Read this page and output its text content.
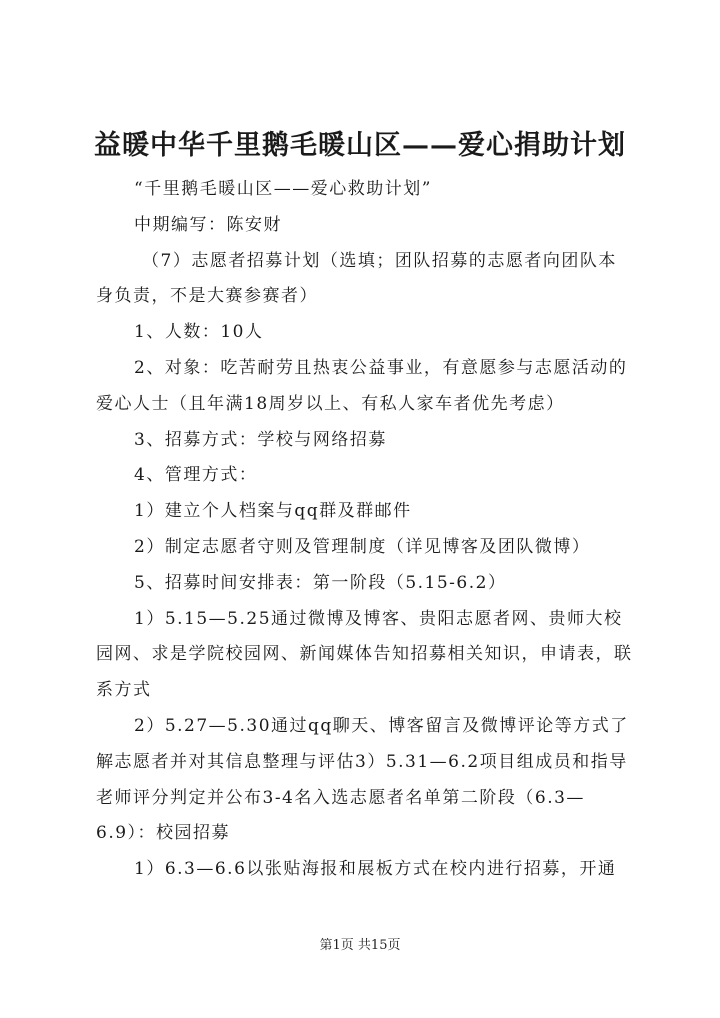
益暖中华千里鹅毛暖山区——爱心捐助计划

“千里鹅毛暖山区——爱心救助计划”

中期编写：陈安财

（7）志愿者招募计划（选填；团队招募的志愿者向团队本身负责，不是大赛参赛者）

1、人数：10人

2、对象：吃苦耐劳且热衷公益事业，有意愿参与志愿活动的爱心人士（且年满18周岁以上、有私人家车者优先考虑）

3、招募方式：学校与网络招募

4、管理方式：

1）建立个人档案与qq群及群邮件

2）制定志愿者守则及管理制度（详见博客及团队微博）

5、招募时间安排表：第一阶段（5.15-6.2）

1）5.15—5.25通过微博及博客、贵阳志愿者网、贵师大校园网、求是学院校园网、新闻媒体告知招募相关知识，申请表，联系方式

2）5.27—5.30通过qq聊天、博客留言及微博评论等方式了解志愿者并对其信息整理与评估3）5.31—6.2项目组成员和指导老师评分判定并公布3-4名入选志愿者名单第二阶段（6.3—6.9）：校园招募

1）6.3—6.6以张贴海报和展板方式在校内进行招募，开通

第1页 共15页
